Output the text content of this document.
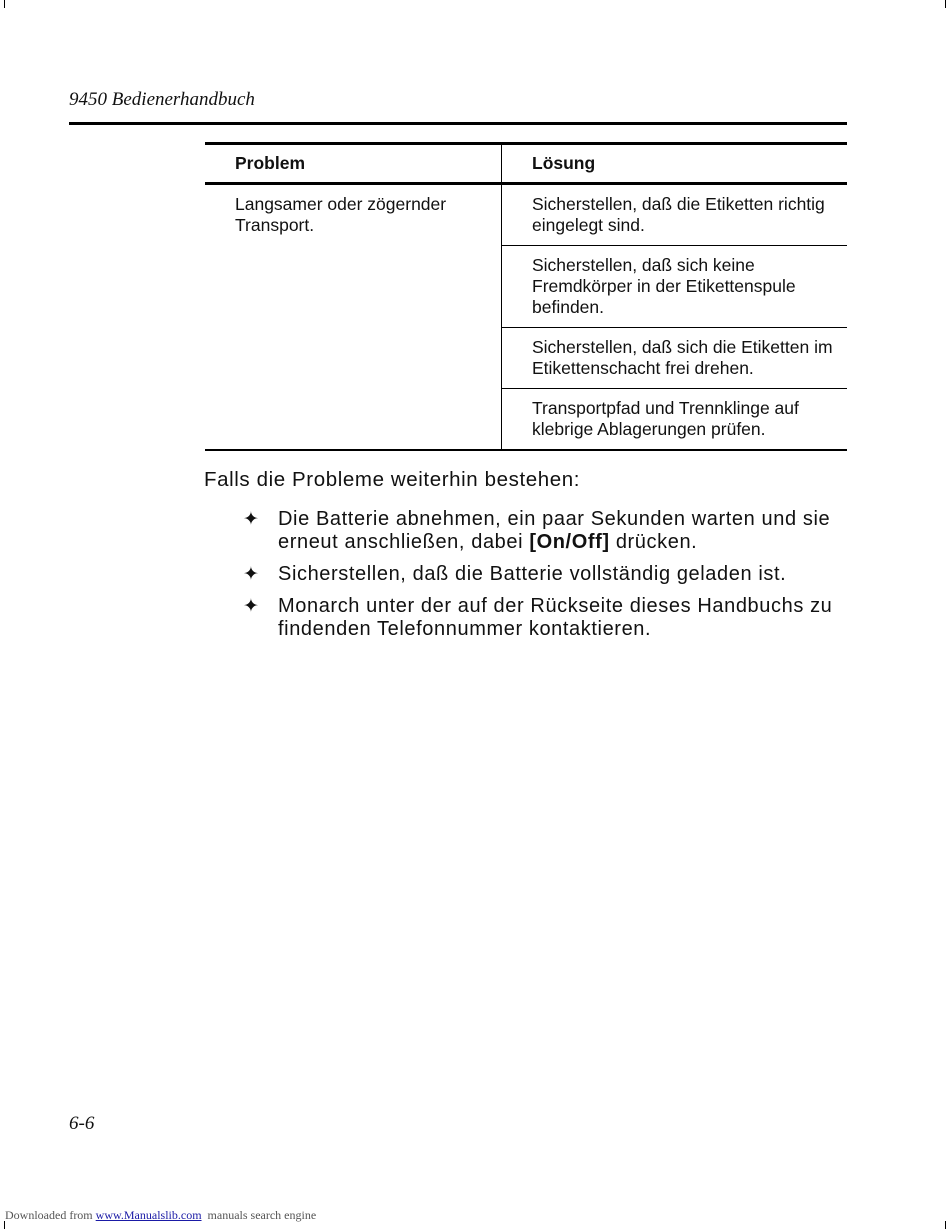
9450 Bedienerhandbuch
Problem	Lösung
Langsamer oder zögernder Transport.	Sicherstellen, daß die Etiketten richtig eingelegt sind.
	Sicherstellen, daß sich keine Fremdkörper in der Etikettenspule befinden.
	Sicherstellen, daß sich die Etiketten im Etikettenschacht frei drehen.
	Transportpfad und Trennklinge auf klebrige Ablagerungen prüfen.
Falls die Probleme weiterhin bestehen:
✦ Die Batterie abnehmen, ein paar Sekunden warten und sie erneut anschließen, dabei [On/Off] drücken.
✦ Sicherstellen, daß die Batterie vollständig geladen ist.
✦ Monarch unter der auf der Rückseite dieses Handbuchs zu findenden Telefonnummer kontaktieren.
6-6
Downloaded from www.Manualslib.com  manuals search engine
